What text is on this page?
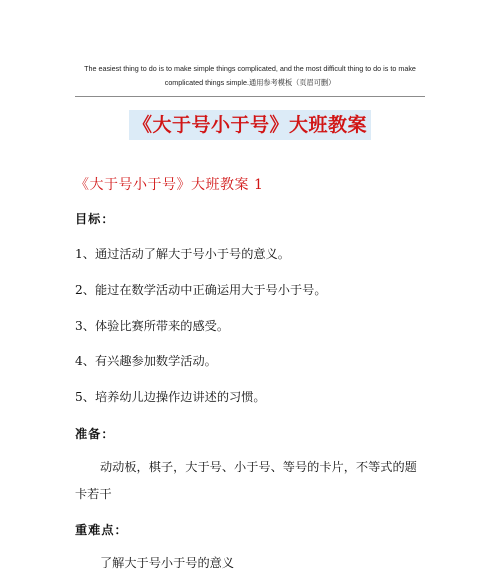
The easiest thing to do is to make simple things complicated, and the most difficult thing to do is to make
complicated things simple.通用参考模板（页眉可删）
《大于号小于号》大班教案
《大于号小于号》大班教案 1
目标：
1、通过活动了解大于号小于号的意义。
2、能过在数学活动中正确运用大于号小于号。
3、体验比赛所带来的感受。
4、有兴趣参加数学活动。
5、培养幼儿边操作边讲述的习惯。
准备：
动动板，棋子，大于号、小于号、等号的卡片，不等式的题卡若干
重难点：
了解大于号小于号的意义
